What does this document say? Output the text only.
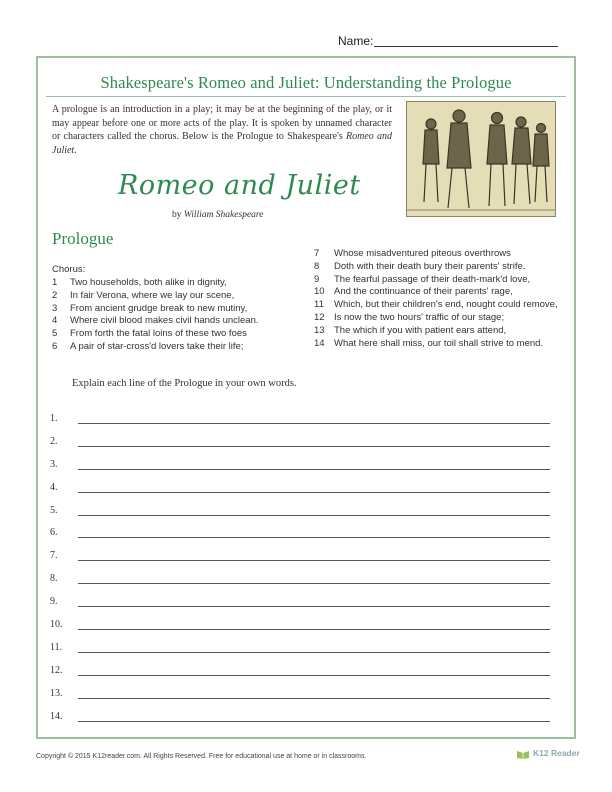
Name:
Shakespeare's Romeo and Juliet: Understanding the Prologue
A prologue is an introduction in a play; it may be at the beginning of the play, or it may appear before one or more acts of the play. It is spoken by unnamed character or characters called the chorus. Below is the Prologue to Shakespeare's Romeo and Juliet.
Romeo and Juliet
by William Shakespeare
Prologue
Chorus:
1 Two households, both alike in dignity,
2 In fair Verona, where we lay our scene,
3 From ancient grudge break to new mutiny,
4 Where civil blood makes civil hands unclean.
5 From forth the fatal loins of these two foes
6 A pair of star-cross'd lovers take their life;
7 Whose misadventured piteous overthrows
8 Doth with their death bury their parents' strife.
9 The fearful passage of their death-mark'd love,
10 And the continuance of their parents' rage,
11 Which, but their children's end, nought could remove,
12 Is now the two hours' traffic of our stage;
13 The which if you with patient ears attend,
14 What here shall miss, our toil shall strive to mend.
Explain each line of the Prologue in your own words.
1.
2.
3.
4.
5.
6.
7.
8.
9.
10.
11.
12.
13.
14.
Copyright © 2015 K12reader.com. All Rights Reserved. Free for educational use at home or in classrooms.	K12 Reader
